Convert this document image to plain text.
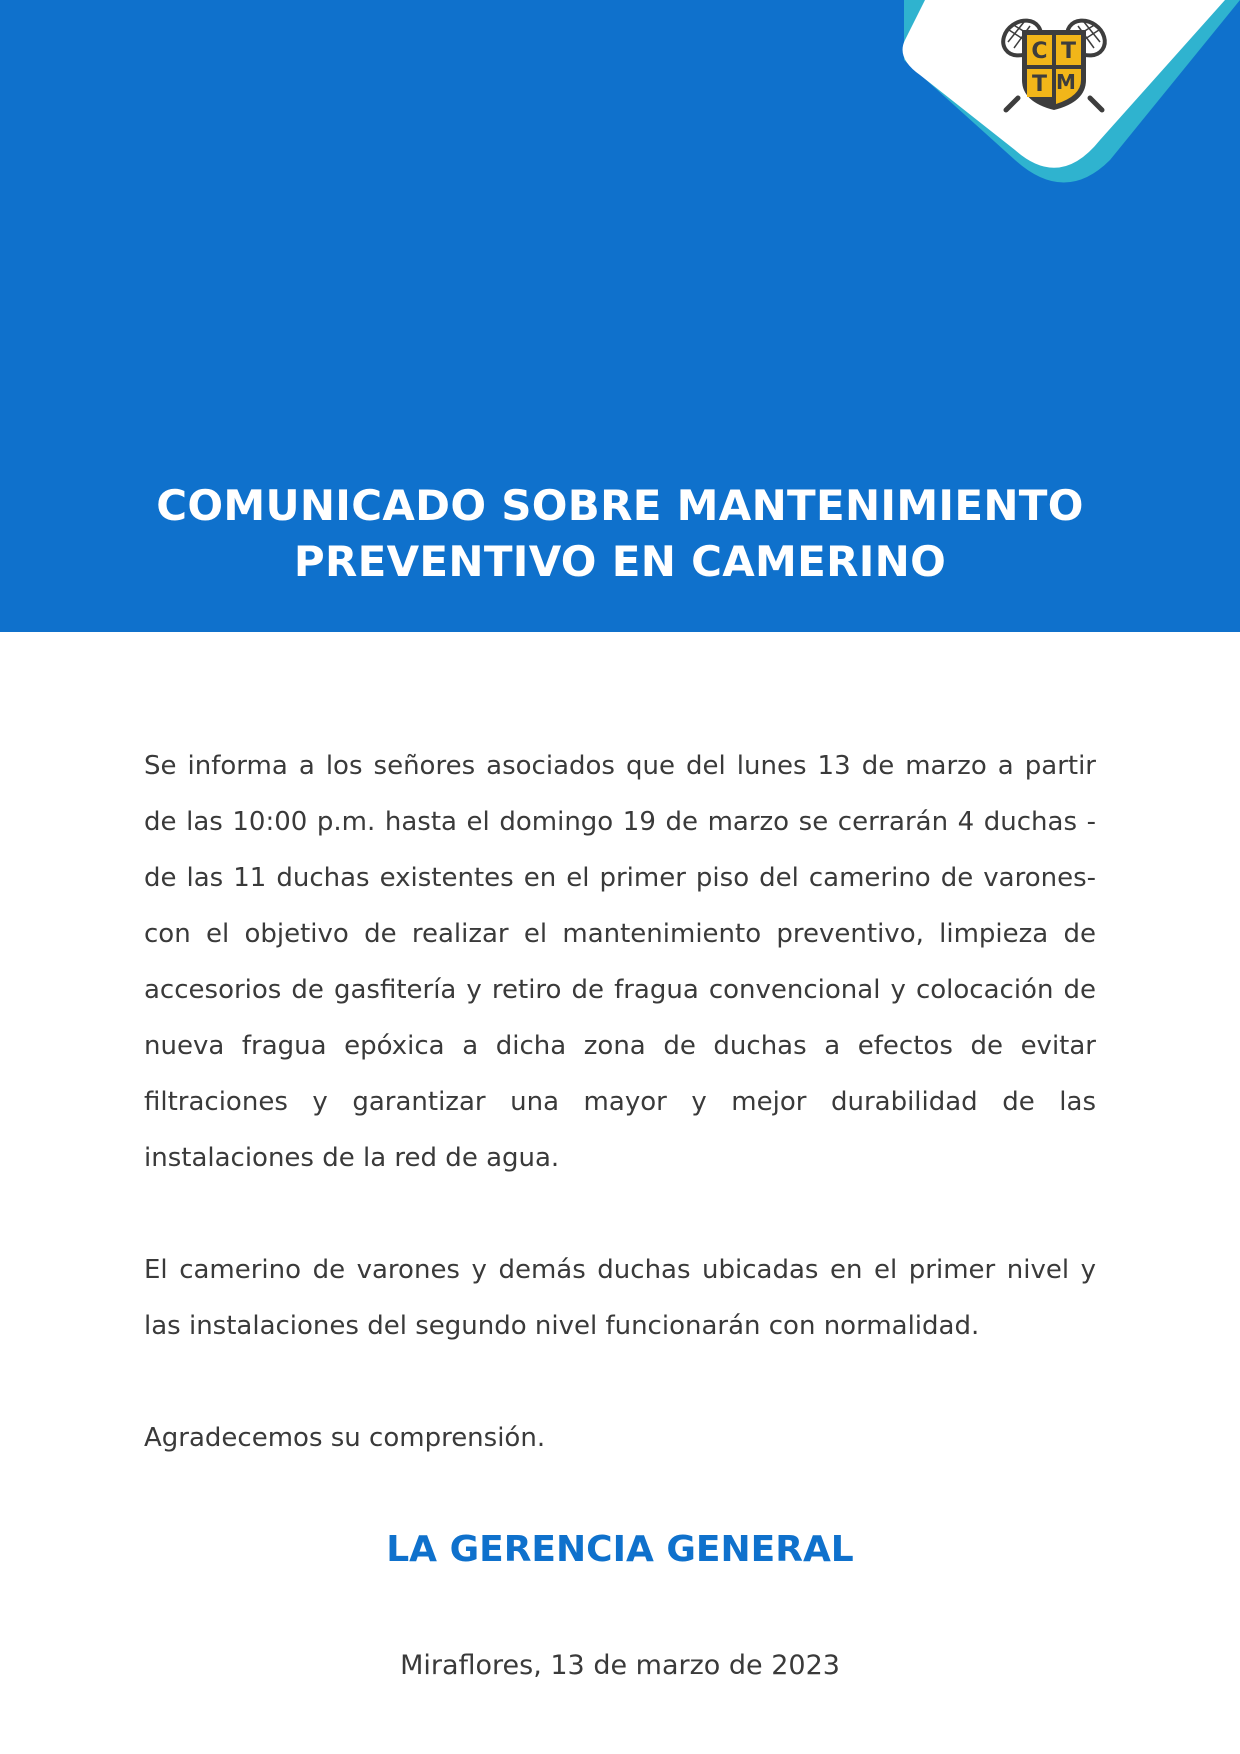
C T
T M
COMUNICADO SOBRE MANTENIMIENTO
PREVENTIVO EN CAMERINO

Se informa a los señores asociados que del lunes 13 de marzo a partir de las 10:00 p.m. hasta el domingo 19 de marzo se cerrarán 4 duchas -de las 11 duchas existentes en el primer piso del camerino de varones- con el objetivo de realizar el mantenimiento preventivo, limpieza de accesorios de gasfitería y retiro de fragua convencional y colocación de nueva fragua epóxica a dicha zona de duchas a efectos de evitar filtraciones y garantizar una mayor y mejor durabilidad de las instalaciones de la red de agua.

El camerino de varones y demás duchas ubicadas en el primer nivel y las instalaciones del segundo nivel funcionarán con normalidad.

Agradecemos su comprensión.

LA GERENCIA GENERAL

Miraflores, 13 de marzo de 2023
